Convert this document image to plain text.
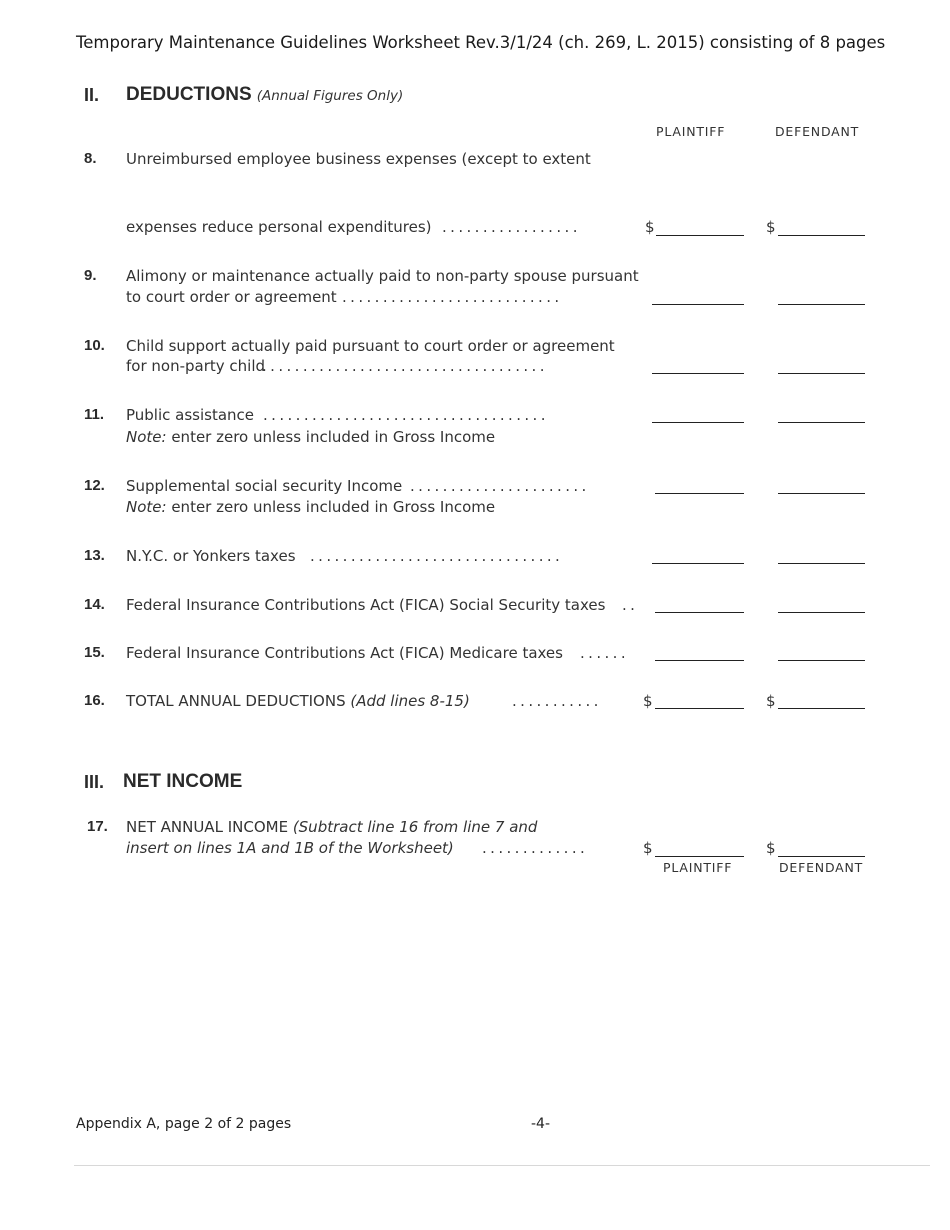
Temporary Maintenance Guidelines Worksheet Rev.3/1/24 (ch. 269, L. 2015) consisting of 8 pages
II. DEDUCTIONS (Annual Figures Only)
PLAINTIFF	DEFENDANT
8. Unreimbursed employee business expenses (except to extent
expenses reduce personal expenditures) .................	$	$
9. Alimony or maintenance actually paid to non-party spouse pursuant
to court order or agreement ...........................
10. Child support actually paid pursuant to court order or agreement
for non-party child
...................................
11. Public assistance ...................................
Note: enter zero unless included in Gross Income
12. Supplemental social security Income ......................
Note: enter zero unless included in Gross Income
13. N.Y.C. or Yonkers taxes ...............................
14. Federal Insurance Contributions Act (FICA) Social Security taxes ..
15. Federal Insurance Contributions Act (FICA) Medicare taxes ......
16. TOTAL ANNUAL DEDUCTIONS (Add lines 8-15)	...........	$	$
III. NET INCOME
17. NET ANNUAL INCOME (Subtract line 16 from line 7 and
insert on lines 1A and 1B of the Worksheet) .............	$	$
PLAINTIFF	DEFENDANT
Appendix A, page 2 of 2 pages	-4-
